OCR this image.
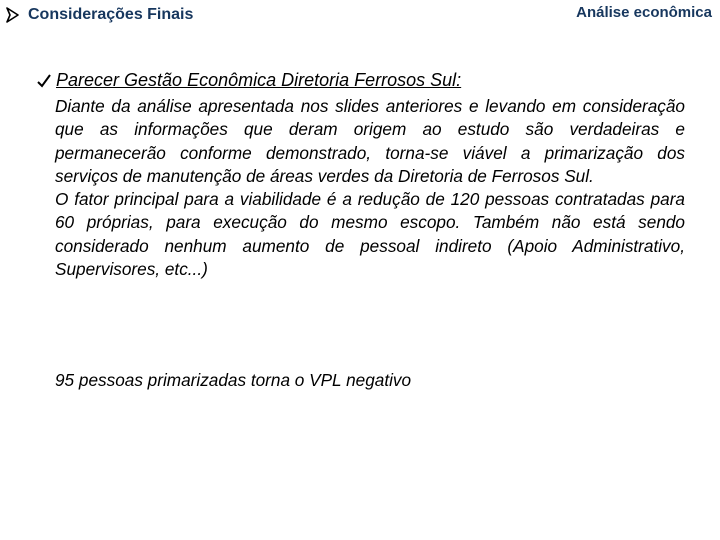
Considerações Finais	Análise econômica
Parecer Gestão Econômica Diretoria Ferrosos Sul:

Diante da análise apresentada nos slides anteriores e levando em consideração que as informações que deram origem ao estudo são verdadeiras e permanecerão conforme demonstrado, torna-se viável a primarização dos serviços de manutenção de áreas verdes da Diretoria de Ferrosos Sul.

O fator principal para a viabilidade é a redução de 120 pessoas contratadas para 60 próprias, para execução do mesmo escopo. Também não está sendo considerado nenhum aumento de pessoal indireto (Apoio Administrativo, Supervisores, etc...)

95 pessoas primarizadas torna o VPL negativo
